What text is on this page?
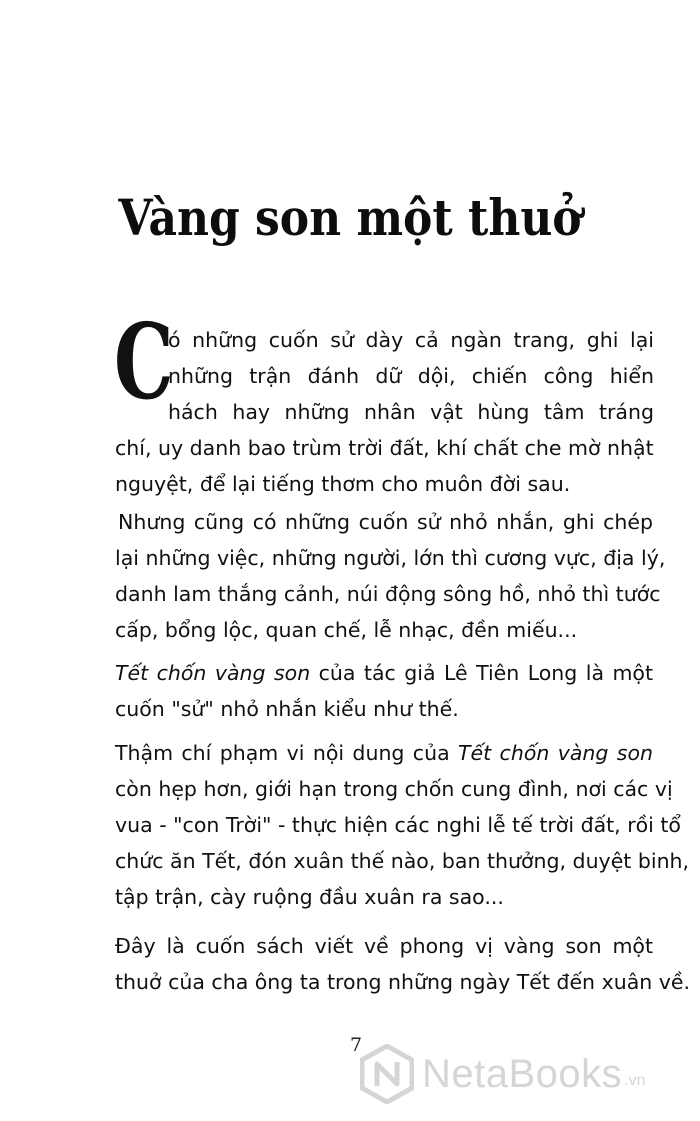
Vàng son một thuở
C
ó những cuốn sử dày cả ngàn trang, ghi lại
những trận đánh dữ dội, chiến công hiển
hách hay những nhân vật hùng tâm tráng
chí, uy danh bao trùm trời đất, khí chất che mờ nhật
nguyệt, để lại tiếng thơm cho muôn đời sau.
Nhưng cũng có những cuốn sử nhỏ nhắn, ghi chép
lại những việc, những người, lớn thì cương vực, địa lý,
danh lam thắng cảnh, núi động sông hồ, nhỏ thì tước
cấp, bổng lộc, quan chế, lễ nhạc, đền miếu...
Tết chốn vàng son của tác giả Lê Tiên Long là một
cuốn "sử" nhỏ nhắn kiểu như thế.
Thậm chí phạm vi nội dung của Tết chốn vàng son
còn hẹp hơn, giới hạn trong chốn cung đình, nơi các vị
vua - "con Trời" - thực hiện các nghi lễ tế trời đất, rồi tổ
chức ăn Tết, đón xuân thế nào, ban thưởng, duyệt binh,
tập trận, cày ruộng đầu xuân ra sao...
Đây là cuốn sách viết về phong vị vàng son một
thuở của cha ông ta trong những ngày Tết đến xuân về.
7
NetaBooks .vn
